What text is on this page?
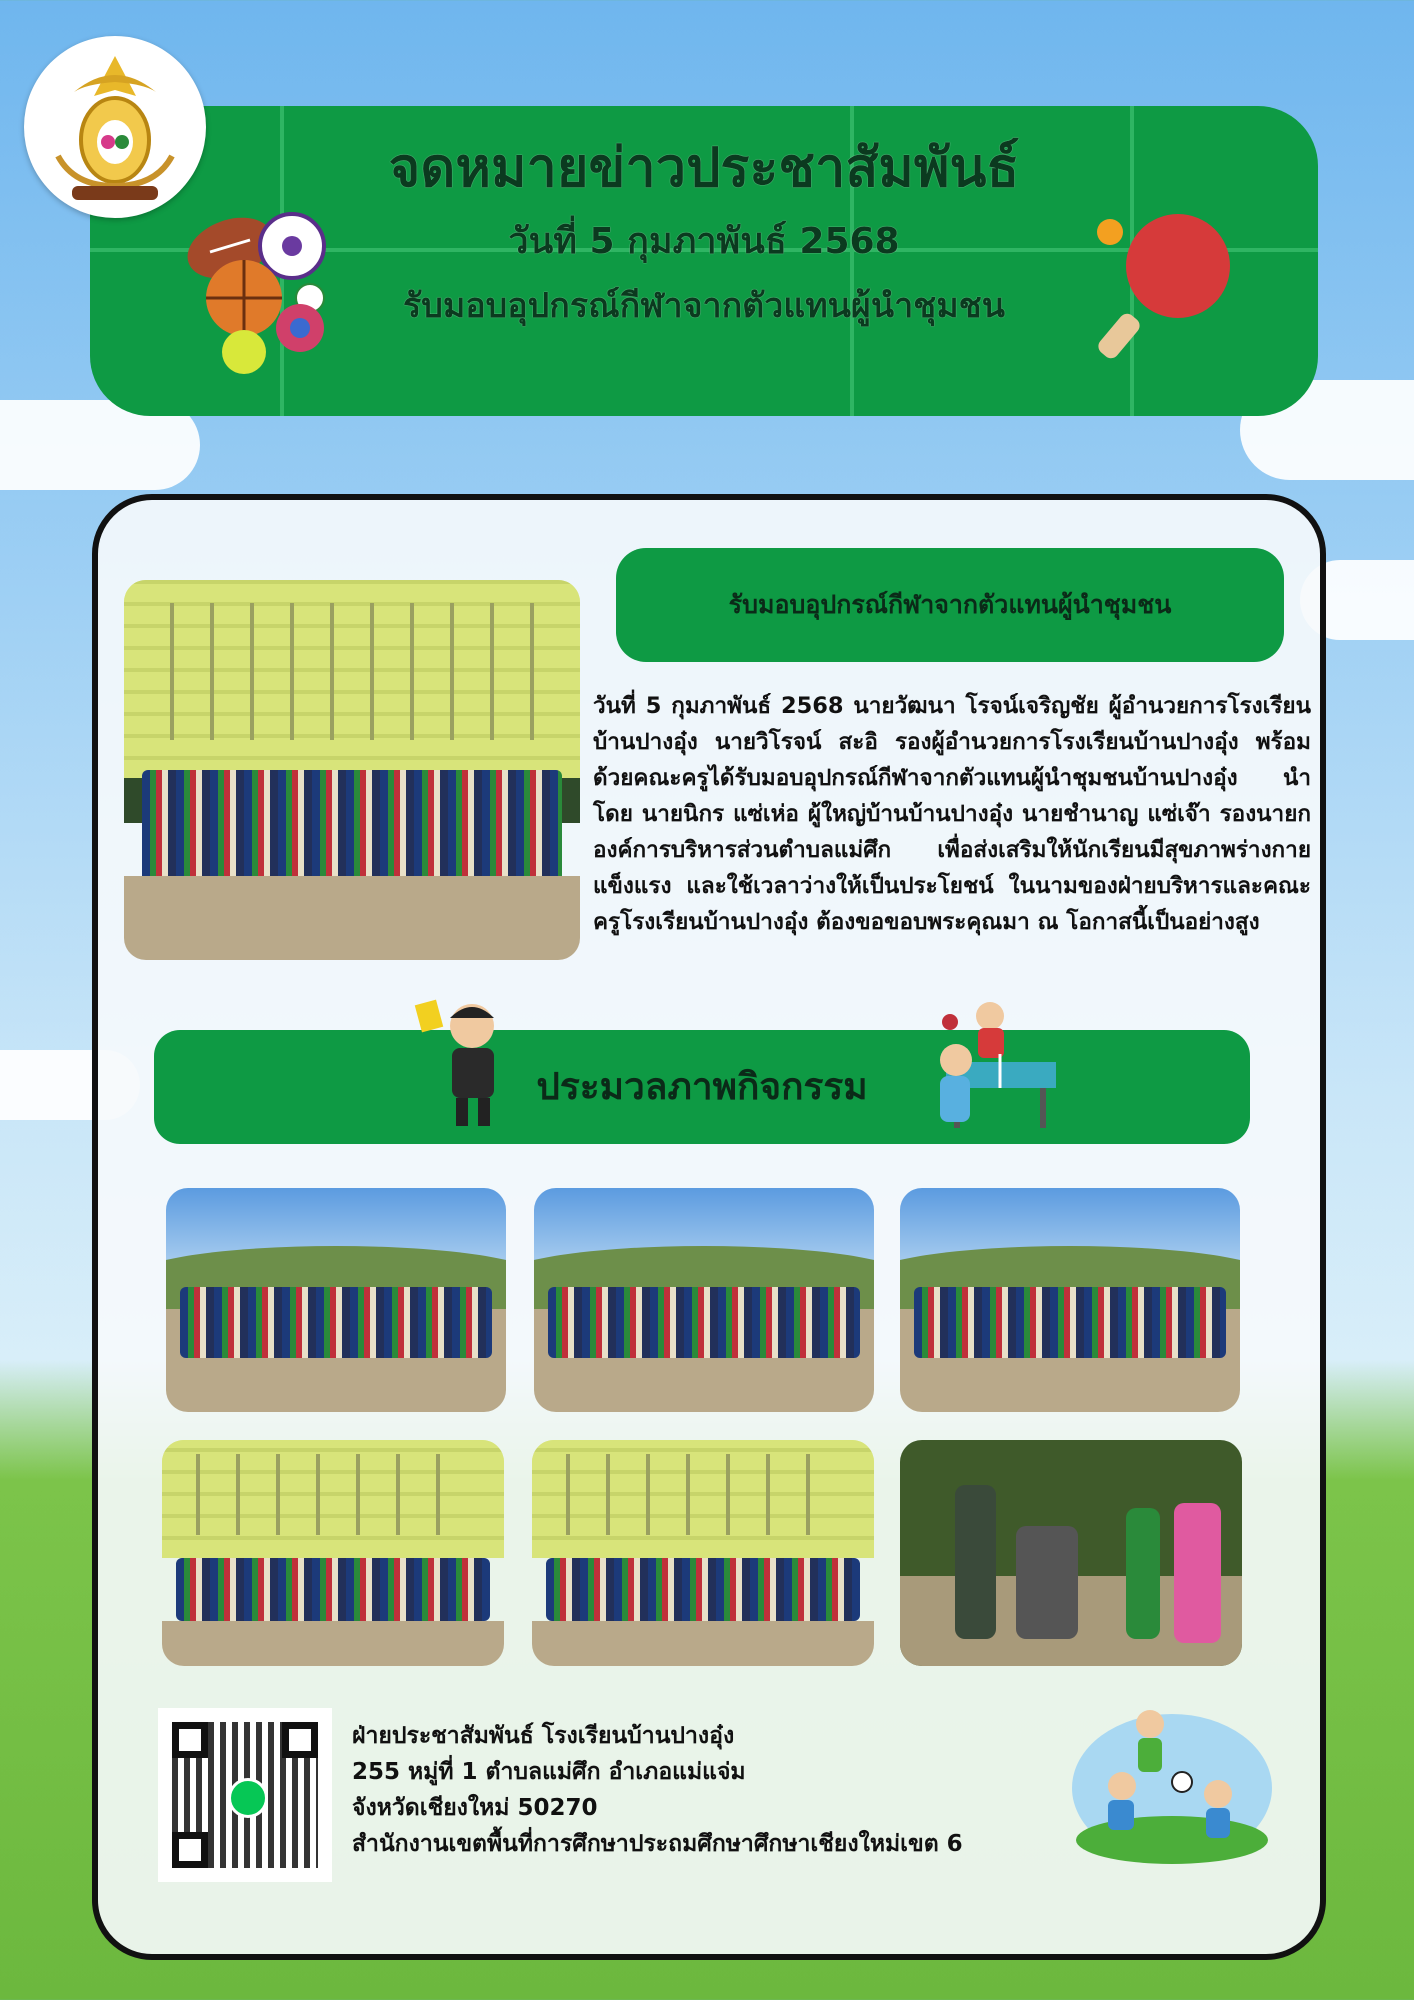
จดหมายข่าวประชาสัมพันธ์
วันที่ 5 กุมภาพันธ์ 2568
รับมอบอุปกรณ์กีฬาจากตัวแทนผู้นำชุมชน
รับมอบอุปกรณ์กีฬาจากตัวแทนผู้นำชุมชน
วันที่ 5 กุมภาพันธ์ 2568 นายวัฒนา โรจน์เจริญชัย ผู้อำนวยการโรงเรียนบ้านปางอุ๋ง นายวิโรจน์ สะอิ รองผู้อำนวยการโรงเรียนบ้านปางอุ๋ง พร้อมด้วยคณะครูได้รับมอบอุปกรณ์กีฬาจากตัวแทนผู้นำชุมชนบ้านปางอุ๋ง นำโดย นายนิกร แซ่เห่อ ผู้ใหญ่บ้านบ้านปางอุ๋ง นายชำนาญ แซ่เจ๊า รองนายกองค์การบริหารส่วนตำบลแม่ศึก เพื่อส่งเสริมให้นักเรียนมีสุขภาพร่างกายแข็งแรง และใช้เวลาว่างให้เป็นประโยชน์ ในนามของฝ่ายบริหารและคณะครูโรงเรียนบ้านปางอุ๋ง ต้องขอขอบพระคุณมา ณ โอกาสนี้เป็นอย่างสูง
ประมวลภาพกิจกรรม
ฝ่ายประชาสัมพันธ์ โรงเรียนบ้านปางอุ๋ง
255 หมู่ที่ 1 ตำบลแม่ศึก อำเภอแม่แจ่ม
จังหวัดเชียงใหม่ 50270
สำนักงานเขตพื้นที่การศึกษาประถมศึกษาศึกษาเชียงใหม่เขต 6
